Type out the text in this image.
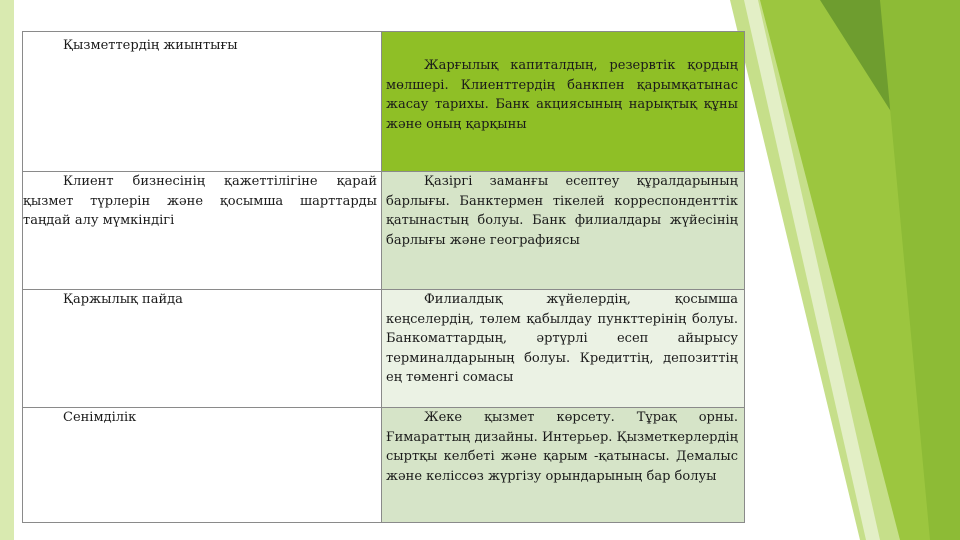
Қызметтердің жиынтығы	Жарғылық капиталдың, резервтік қордың мөлшері. Клиенттердің банкпен қарымқатынас жасау тарихы. Банк акциясының нарықтық құны және оның қарқыны

Клиент бизнесінің қажеттілігіне қарай қызмет түрлерін және қосымша шарттарды таңдай алу мүмкіндігі	Қазіргі заманғы есептеу құралдарының барлығы. Банктермен тікелей корреспонденттік қатынастың болуы. Банк филиалдары жүйесінің барлығы және географиясы

Қаржылық пайда	Филиалдық жүйелердің, қосымша кеңселердің, төлем қабылдау пункттерінің болуы. Банкоматтардың, әртүрлі есеп айырысу терминалдарының болуы. Кредиттің, депозиттің ең төменгі сомасы

Сенімділік	Жеке қызмет көрсету. Тұрақ орны. Ғимараттың дизайны. Интерьер. Қызметкерлердің сыртқы келбеті және қарым -қатынасы. Демалыс және келіссөз жүргізу орындарының бар болуы
